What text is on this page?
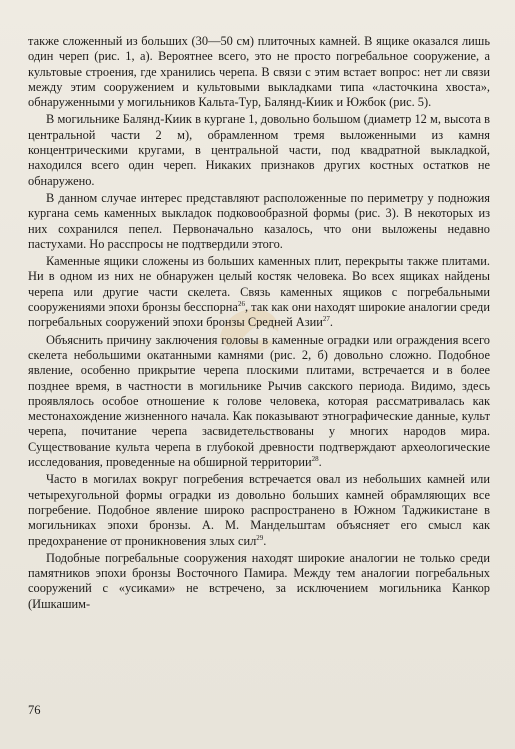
также сложенный из больших (30—50 см) плиточных камней. В ящике оказался лишь один череп (рис. 1, а). Вероятнее всего, это не просто погребальное сооружение, а культовые строения, где хранились черепа. В связи с этим встает вопрос: нет ли связи между этим сооружением и культовыми выкладками типа «ласточкина хвоста», обнаруженными у могильников Кальта-Тур, Балянд-Киик и Южбок (рис. 5).

В могильнике Балянд-Киик в кургане 1, довольно большом (диаметр 12 м, высота в центральной части 2 м), обрамленном тремя выложенными из камня концентрическими кругами, в центральной части, под квадратной выкладкой, находился всего один череп. Никаких признаков других костных остатков не обнаружено.

В данном случае интерес представляют расположенные по периметру у подножия кургана семь каменных выкладок подковообразной формы (рис. 3). В некоторых из них сохранился пепел. Первоначально казалось, что они выложены недавно пастухами. Но расспросы не подтвердили этого.

Каменные ящики сложены из больших каменных плит, перекрыты также плитами. Ни в одном из них не обнаружен целый костяк человека. Во всех ящиках найдены черепа или другие части скелета. Связь каменных ящиков с погребальными сооружениями эпохи бронзы бесспорна$^{26}$, так как они находят широкие аналогии среди погребальных сооружений эпохи бронзы Средней Азии$^{27}$.

Объяснить причину заключения головы в каменные оградки или ограждения всего скелета небольшими окатанными камнями (рис. 2, б) довольно сложно. Подобное явление, особенно прикрытие черепа плоскими плитами, встречается и в более позднее время, в частности в могильнике Рычив сакского периода. Видимо, здесь проявлялось особое отношение к голове человека, которая рассматривалась как местонахождение жизненного начала. Как показывают этнографические данные, культ черепа, почитание черепа засвидетельствованы у многих народов мира. Существование культа черепа в глубокой древности подтверждают археологические исследования, проведенные на обширной территории$^{28}$.

Часто в могилах вокруг погребения встречается овал из небольших камней или четырехугольной формы оградки из довольно больших камней обрамляющих все погребение. Подобное явление широко распространено в Южном Таджикистане в могильниках эпохи бронзы. А. М. Мандельштам объясняет его смысл как предохранение от проникновения злых сил$^{29}$.

Подобные погребальные сооружения находят широкие аналогии не только среди памятников эпохи бронзы Восточного Памира. Между тем аналогии погребальных сооружений с «усиками» не встречено, за исключением могильника Канкор (Ишкашим-

76
